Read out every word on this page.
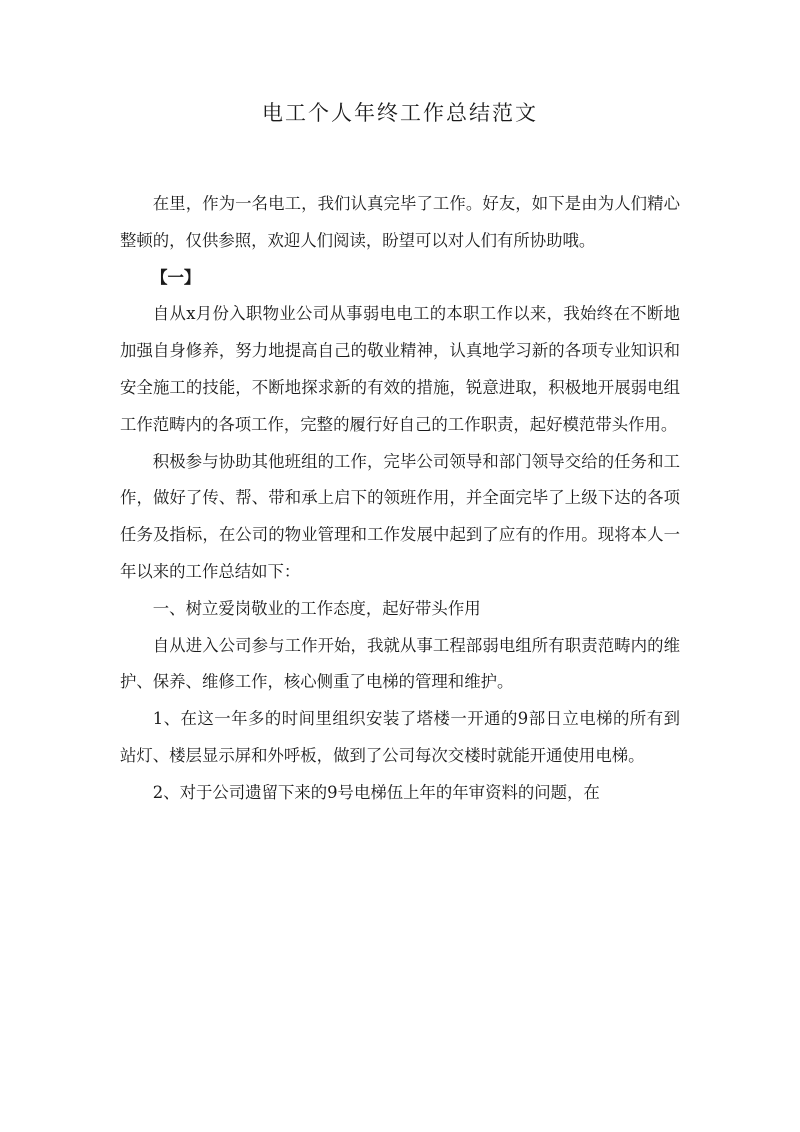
电工个人年终工作总结范文

在里，作为一名电工，我们认真完毕了工作。好友，如下是由为人们精心整顿的，仅供参照，欢迎人们阅读，盼望可以对人们有所协助哦。

【一】

自从x月份入职物业公司从事弱电电工的本职工作以来，我始终在不断地加强自身修养，努力地提高自己的敬业精神，认真地学习新的各项专业知识和安全施工的技能，不断地探求新的有效的措施，锐意进取，积极地开展弱电组工作范畴内的各项工作，完整的履行好自己的工作职责，起好模范带头作用。

积极参与协助其他班组的工作，完毕公司领导和部门领导交给的任务和工作，做好了传、帮、带和承上启下的领班作用，并全面完毕了上级下达的各项任务及指标，在公司的物业管理和工作发展中起到了应有的作用。现将本人一年以来的工作总结如下：

一、树立爱岗敬业的工作态度，起好带头作用

自从进入公司参与工作开始，我就从事工程部弱电组所有职责范畴内的维护、保养、维修工作，核心侧重了电梯的管理和维护。

1、在这一年多的时间里组织安装了塔楼一开通的9部日立电梯的所有到站灯、楼层显示屏和外呼板，做到了公司每次交楼时就能开通使用电梯。

2、对于公司遗留下来的9号电梯伍上年的年审资料的问题，在
